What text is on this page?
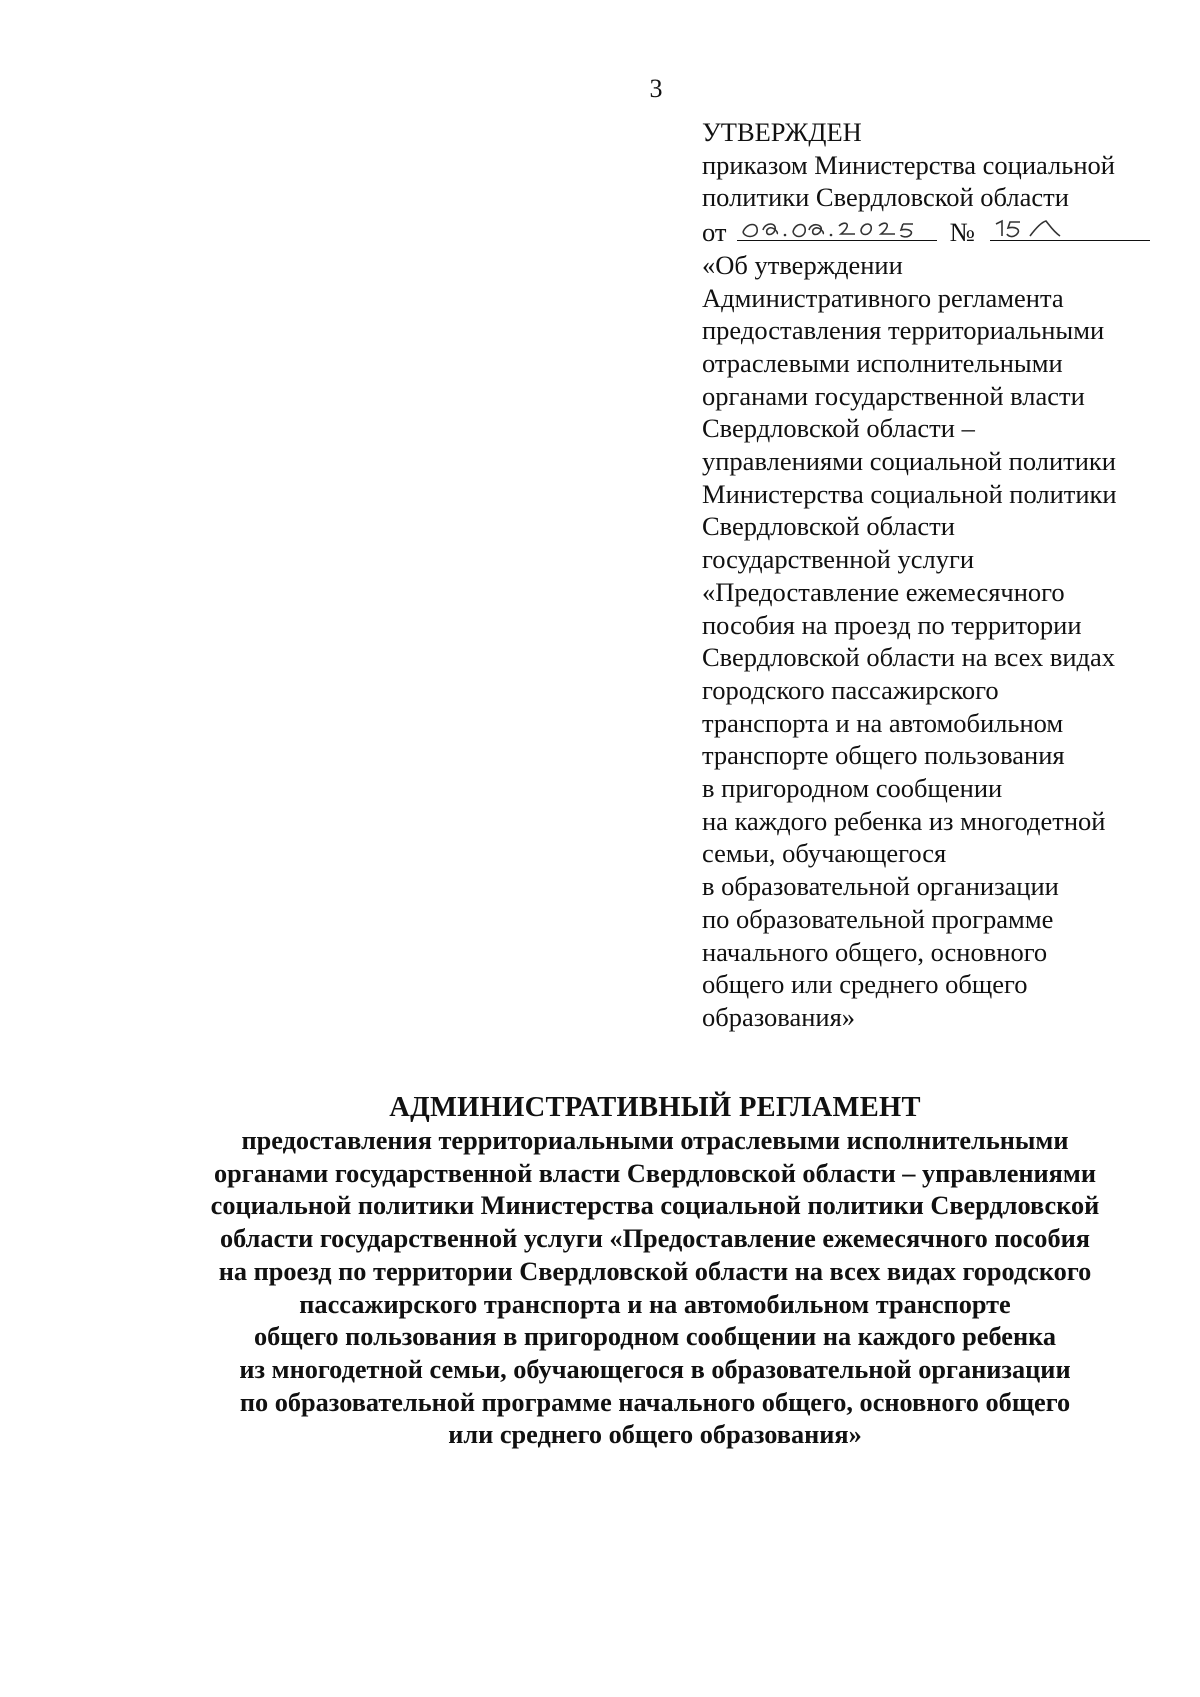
3
УТВЕРЖДЕН
приказом Министерства социальной
политики Свердловской области
от	№
«Об утверждении
Административного регламента
предоставления территориальными
отраслевыми исполнительными
органами государственной власти
Свердловской области –
управлениями социальной политики
Министерства социальной политики
Свердловской области
государственной услуги
«Предоставление ежемесячного
пособия на проезд по территории
Свердловской области на всех видах
городского пассажирского
транспорта и на автомобильном
транспорте общего пользования
в пригородном сообщении
на каждого ребенка из многодетной
семьи, обучающегося
в образовательной организации
по образовательной программе
начального общего, основного
общего или среднего общего
образования»
АДМИНИСТРАТИВНЫЙ РЕГЛАМЕНТ
предоставления территориальными отраслевыми исполнительными
органами государственной власти Свердловской области – управлениями
социальной политики Министерства социальной политики Свердловской
области государственной услуги «Предоставление ежемесячного пособия
на проезд по территории Свердловской области на всех видах городского
пассажирского транспорта и на автомобильном транспорте
общего пользования в пригородном сообщении на каждого ребенка
из многодетной семьи, обучающегося в образовательной организации
по образовательной программе начального общего, основного общего
или среднего общего образования»
